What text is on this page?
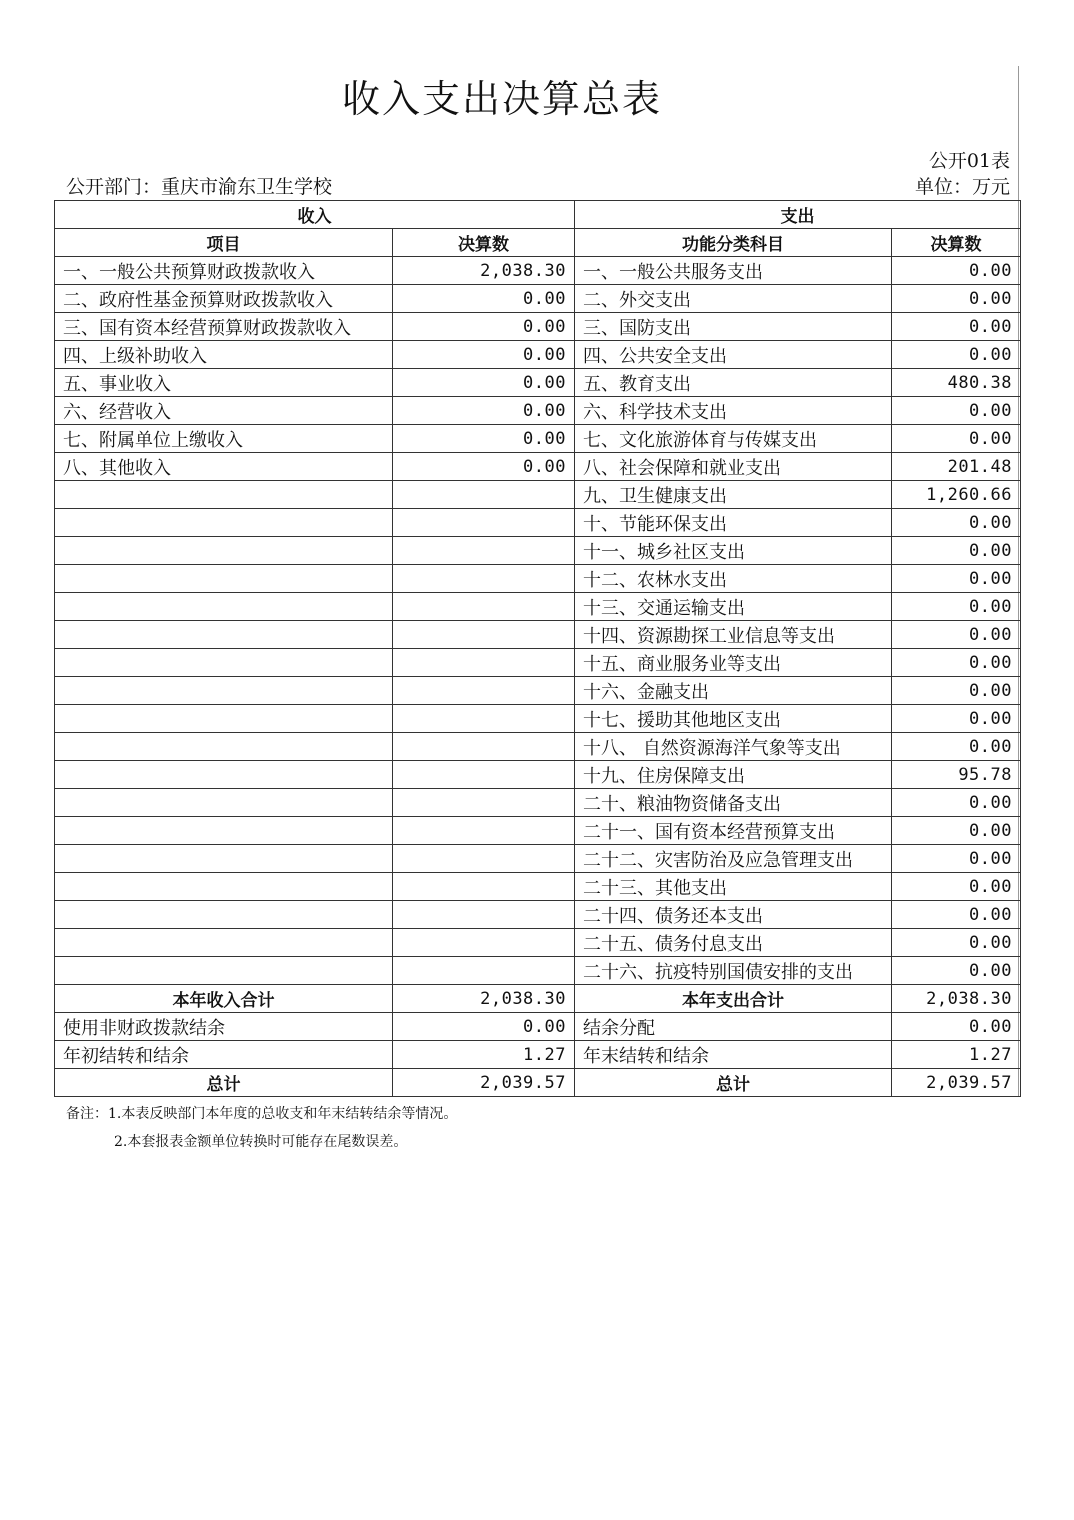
收入支出决算总表
公开01表
公开部门：重庆市渝东卫生学校	单位：万元
收入		支出	
项目	决算数	功能分类科目	决算数
一、一般公共预算财政拨款收入	2,038.30	一、一般公共服务支出	0.00
二、政府性基金预算财政拨款收入	0.00	二、外交支出	0.00
三、国有资本经营预算财政拨款收入	0.00	三、国防支出	0.00
四、上级补助收入	0.00	四、公共安全支出	0.00
五、事业收入	0.00	五、教育支出	480.38
六、经营收入	0.00	六、科学技术支出	0.00
七、附属单位上缴收入	0.00	七、文化旅游体育与传媒支出	0.00
八、其他收入	0.00	八、社会保障和就业支出	201.48
		九、卫生健康支出	1,260.66
		十、节能环保支出	0.00
		十一、城乡社区支出	0.00
		十二、农林水支出	0.00
		十三、交通运输支出	0.00
		十四、资源勘探工业信息等支出	0.00
		十五、商业服务业等支出	0.00
		十六、金融支出	0.00
		十七、援助其他地区支出	0.00
		十八、 自然资源海洋气象等支出	0.00
		十九、住房保障支出	95.78
		二十、粮油物资储备支出	0.00
		二十一、国有资本经营预算支出	0.00
		二十二、灾害防治及应急管理支出	0.00
		二十三、其他支出	0.00
		二十四、债务还本支出	0.00
		二十五、债务付息支出	0.00
		二十六、抗疫特别国债安排的支出	0.00
本年收入合计	2,038.30	本年支出合计	2,038.30
使用非财政拨款结余	0.00	结余分配	0.00
年初结转和结余	1.27	年末结转和结余	1.27
总计	2,039.57	总计	2,039.57
备注：1.本表反映部门本年度的总收支和年末结转结余等情况。
2.本套报表金额单位转换时可能存在尾数误差。
